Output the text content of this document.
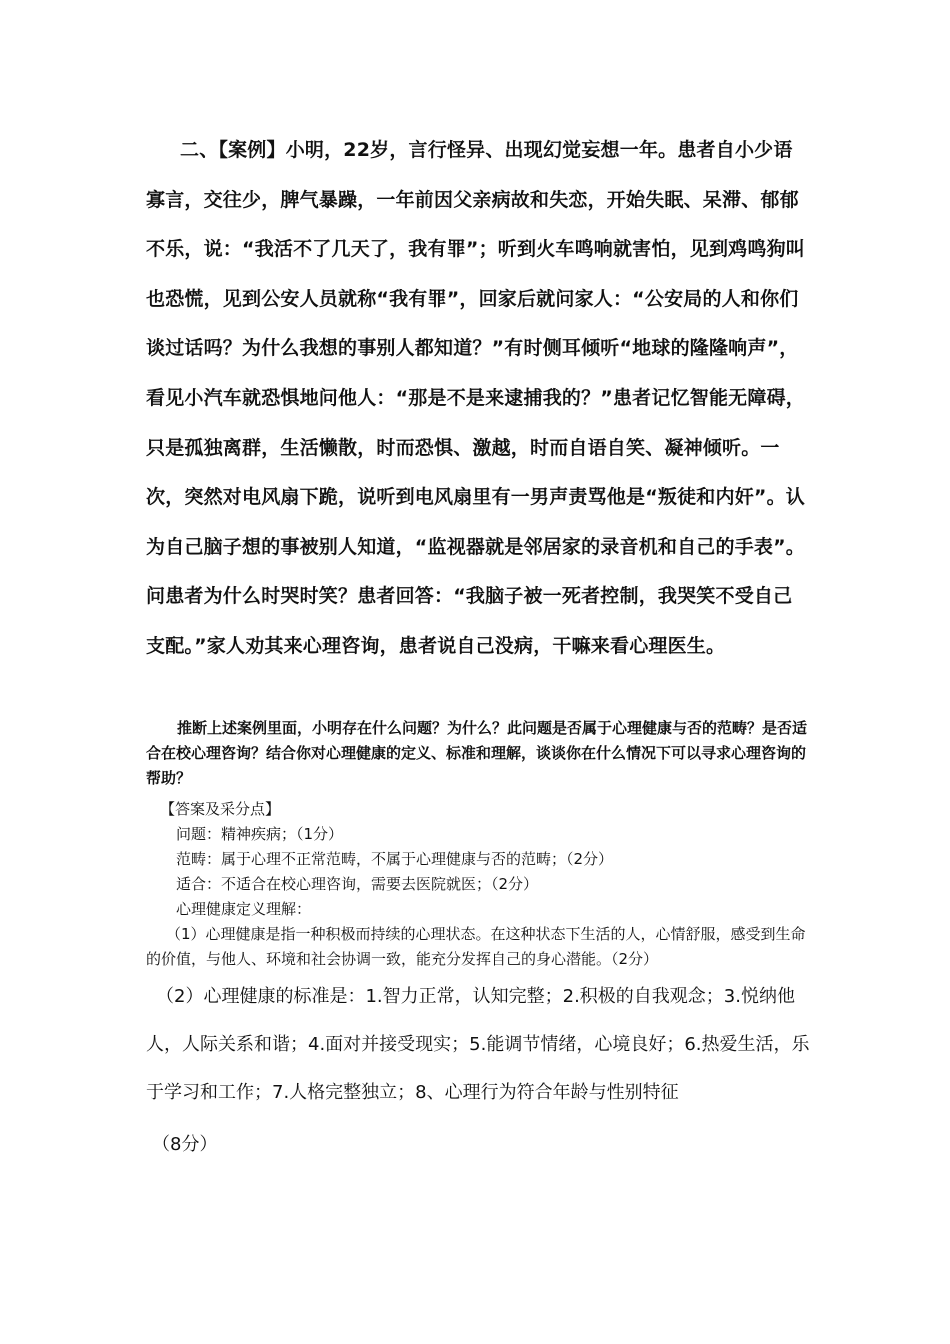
二、【案例】小明，22岁，言行怪异、出现幻觉妄想一年。患者自小少语寡言，交往少，脾气暴躁，一年前因父亲病故和失恋，开始失眠、呆滞、郁郁不乐，说：“我活不了几天了，我有罪”；听到火车鸣响就害怕，见到鸡鸣狗叫也恐慌，见到公安人员就称“我有罪”，回家后就问家人：“公安局的人和你们谈过话吗？为什么我想的事别人都知道？”有时侧耳倾听“地球的隆隆响声”，看见小汽车就恐惧地问他人：“那是不是来逮捕我的？”患者记忆智能无障碍，只是孤独离群，生活懒散，时而恐惧、激越，时而自语自笑、凝神倾听。一次，突然对电风扇下跪，说听到电风扇里有一男声责骂他是“叛徒和内奸”。认为自己脑子想的事被别人知道，“监视器就是邻居家的录音机和自己的手表”。问患者为什么时哭时笑？患者回答：“我脑子被一死者控制，我哭笑不受自己支配。”家人劝其来心理咨询，患者说自己没病，干嘛来看心理医生。

推断上述案例里面，小明存在什么问题？为什么？此问题是否属于心理健康与否的范畴？是否适合在校心理咨询？结合你对心理健康的定义、标准和理解，谈谈你在什么情况下可以寻求心理咨询的帮助？

【答案及采分点】

问题：精神疾病；（1分）

范畴：属于心理不正常范畴，不属于心理健康与否的范畴；（2分）

适合：不适合在校心理咨询，需要去医院就医；（2分）

心理健康定义理解：

（1）心理健康是指一种积极而持续的心理状态。在这种状态下生活的人，心情舒服，感受到生命的价值，与他人、环境和社会协调一致，能充分发挥自己的身心潜能。（2分）

（2）心理健康的标准是：1.智力正常，认知完整；2.积极的自我观念；3.悦纳他人，人际关系和谐；4.面对并接受现实；5.能调节情绪，心境良好；6.热爱生活，乐于学习和工作；7.人格完整独立；8、心理行为符合年龄与性别特征

（8分）
